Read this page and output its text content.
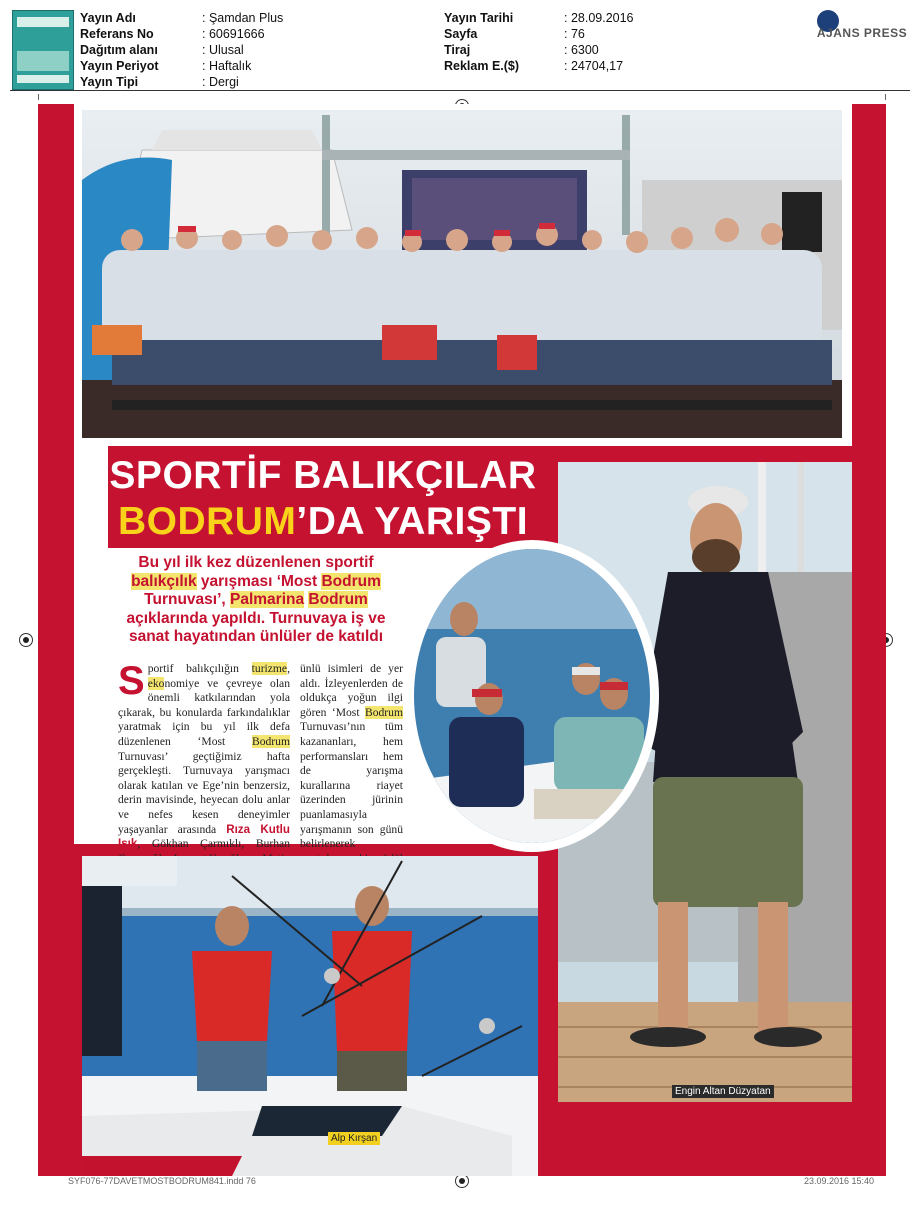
Yayın Adı	: Şamdan Plus
Referans No	: 60691666
Dağıtım alanı	: Ulusal
Yayın Periyot	: Haftalık
Yayın Tipi	: Dergi
Yayın Tarihi	: 28.09.2016
Sayfa	: 76
Tiraj	: 6300
Reklam E.($)	: 24704,17
AJANS PRESS
SPORTİF BALIKÇILAR
BODRUM’DA YARIŞTI
Bu yıl ilk kez düzenlenen sportif
balıkçılık yarışması ‘Most Bodrum Turnuvası’, Palmarina Bodrum açıklarında yapıldı. Turnuvaya iş ve sanat hayatından ünlüler de katıldı
Sportif balıkçılığın turizme, ekonomiye ve çevreye olan önemli katkılarından yola çıkarak, bu konularda farkındalıklar yaratmak için bu yıl ilk defa düzenlenen ‘Most Bodrum Turnuvası’ geçtiğimiz hafta gerçekleşti. Turnuvaya yarışmacı olarak katılan ve Ege’nin benzersiz, derin mavisinde, heyecan dolu anlar ve nefes kesen deneyimler yaşayanlar arasında Rıza Kutlu Işık, Gökhan Çarmıklı, Burhan
ünlü isimleri de yer aldı. İzleyenlerden de oldukça yoğun ilgi gören ‘Most Bodrum Turnuvası’nın tüm kazananları, hem performansları hem de yarışma kurallarına riayet üzerinden jürinin puanlamasıyla yarışmanın son günü belirlenerek
Engin Altan Düzyatan
Alp Kırşan
SYF076-77DAVETMOSTBODRUM841.indd 76	23.09.2016 15:40
